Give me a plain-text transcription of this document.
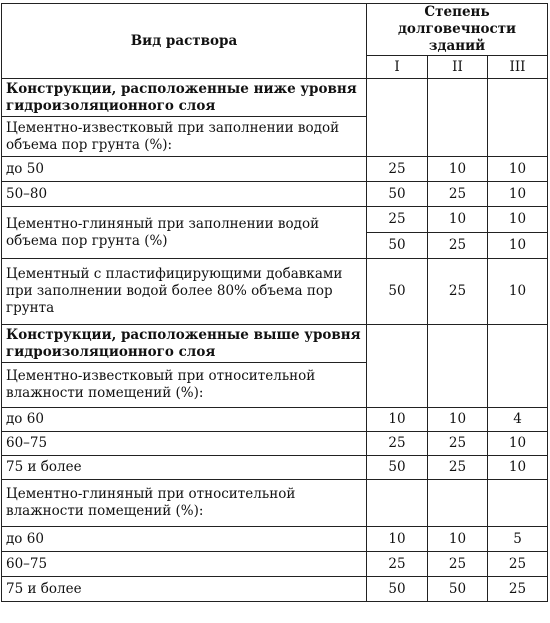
Вид раствора	Степень долговечности зданий		
	I	II	III
Конструкции, расположенные ниже уровня гидроизоляционного слоя			
Цементно-известковый при заполнении водой объема пор грунта (%):			
до 50	25	10	10
50–80	50	25	10
Цементно-глиняный при заполнении водой объема пор грунта (%)	25	10	10
	50	25	10
Цементный с пластифицирующими добавками при заполнении водой более 80% объема пор грунта	50	25	10
Конструкции, расположенные выше уровня гидроизоляционного слоя			
Цементно-известковый при относительной влажности помещений (%):			
до 60	10	10	4
60–75	25	25	10
75 и более	50	25	10
Цементно-глиняный при относительной влажности помещений (%):			
до 60	10	10	5
60–75	25	25	25
75 и более	50	50	25
